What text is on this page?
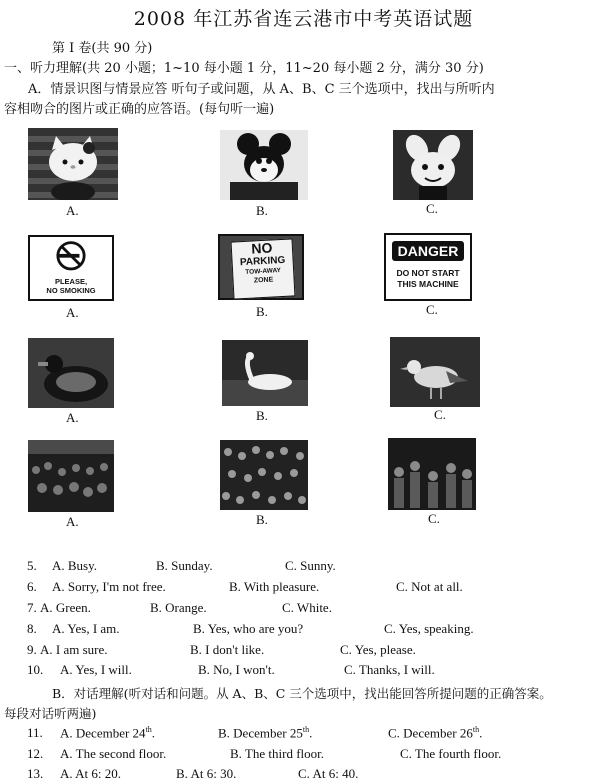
2008 年江苏省连云港市中考英语试题
第 I 卷(共 90 分)
一、听力理解(共 20 小题；1~10 每小题 1 分，11~20 每小题 2 分，满分 30 分)
A．情景识图与情景应答 听句子或问题，从 A、B、C 三个选项中，找出与所听内
容相吻合的图片或正确的应答语。(每句听一遍)
A.	B.	C.
PLEASE,
NO SMOKING
NO
PARKING
TOW-AWAY
ZONE
DANGER
DO NOT START
THIS MACHINE
A.	B.	C.
A.	B.	C.
A.	B.	C.
5. A. Busy.	B. Sunday.	C. Sunny.
6. A. Sorry, I'm not free.	B. With pleasure.	C. Not at all.
7. A. Green.	B. Orange.	C. White.
8. A. Yes, I am.	B. Yes, who are you?	C. Yes, speaking.
9. A. I am sure.	B. I don't like.	C. Yes, please.
10. A. Yes, I will.	B. No, I won't.	C. Thanks, I will.
B．对话理解(听对话和问题。从 A、B、C 三个选项中，找出能回答所提问题的正确答案。
每段对话听两遍)
11. A. December 24th.	B. December 25th.	C. December 26th.
12. A. The second floor.	B. The third floor.	C. The fourth floor.
13. A. At 6: 20.	B. At 6: 30.	C. At 6: 40.
